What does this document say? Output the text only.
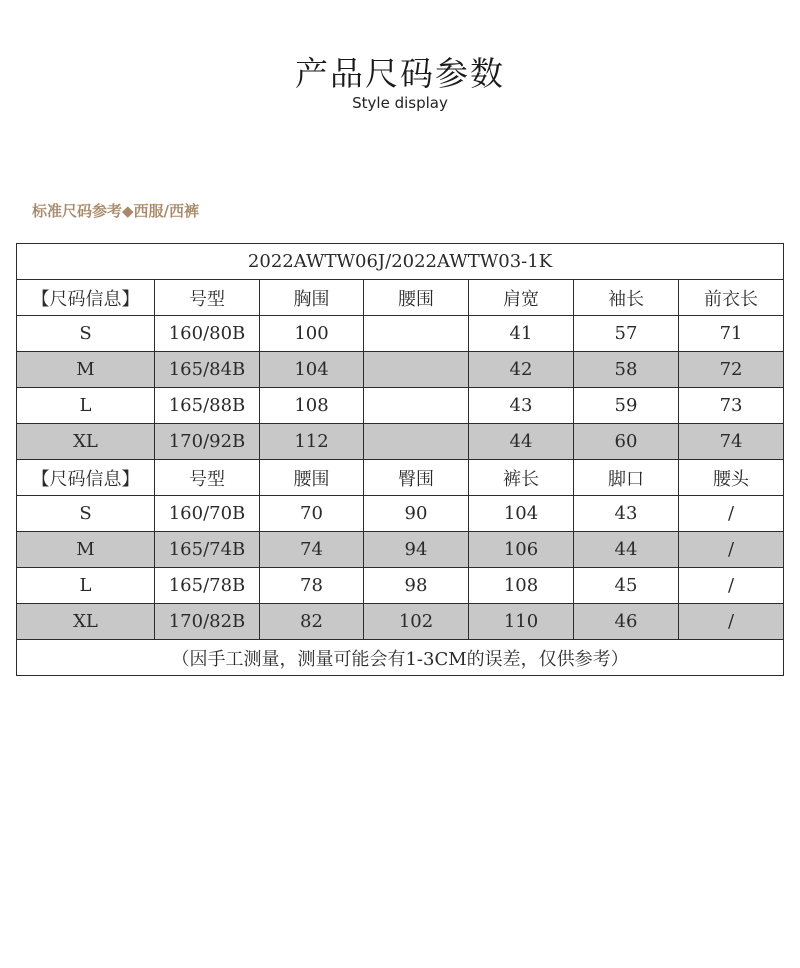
产品尺码参数
Style display
标准尺码参考◆西服/西裤
2022AWTW06J/2022AWTW03-1K						
【尺码信息】	号型	胸围	腰围	肩宽	袖长	前衣长
S	160/80B	100		41	57	71
M	165/84B	104		42	58	72
L	165/88B	108		43	59	73
XL	170/92B	112		44	60	74
【尺码信息】	号型	腰围	臀围	裤长	脚口	腰头
S	160/70B	70	90	104	43	/
M	165/74B	74	94	106	44	/
L	165/78B	78	98	108	45	/
XL	170/82B	82	102	110	46	/
（因手工测量，测量可能会有1-3CM的误差，仅供参考）						
